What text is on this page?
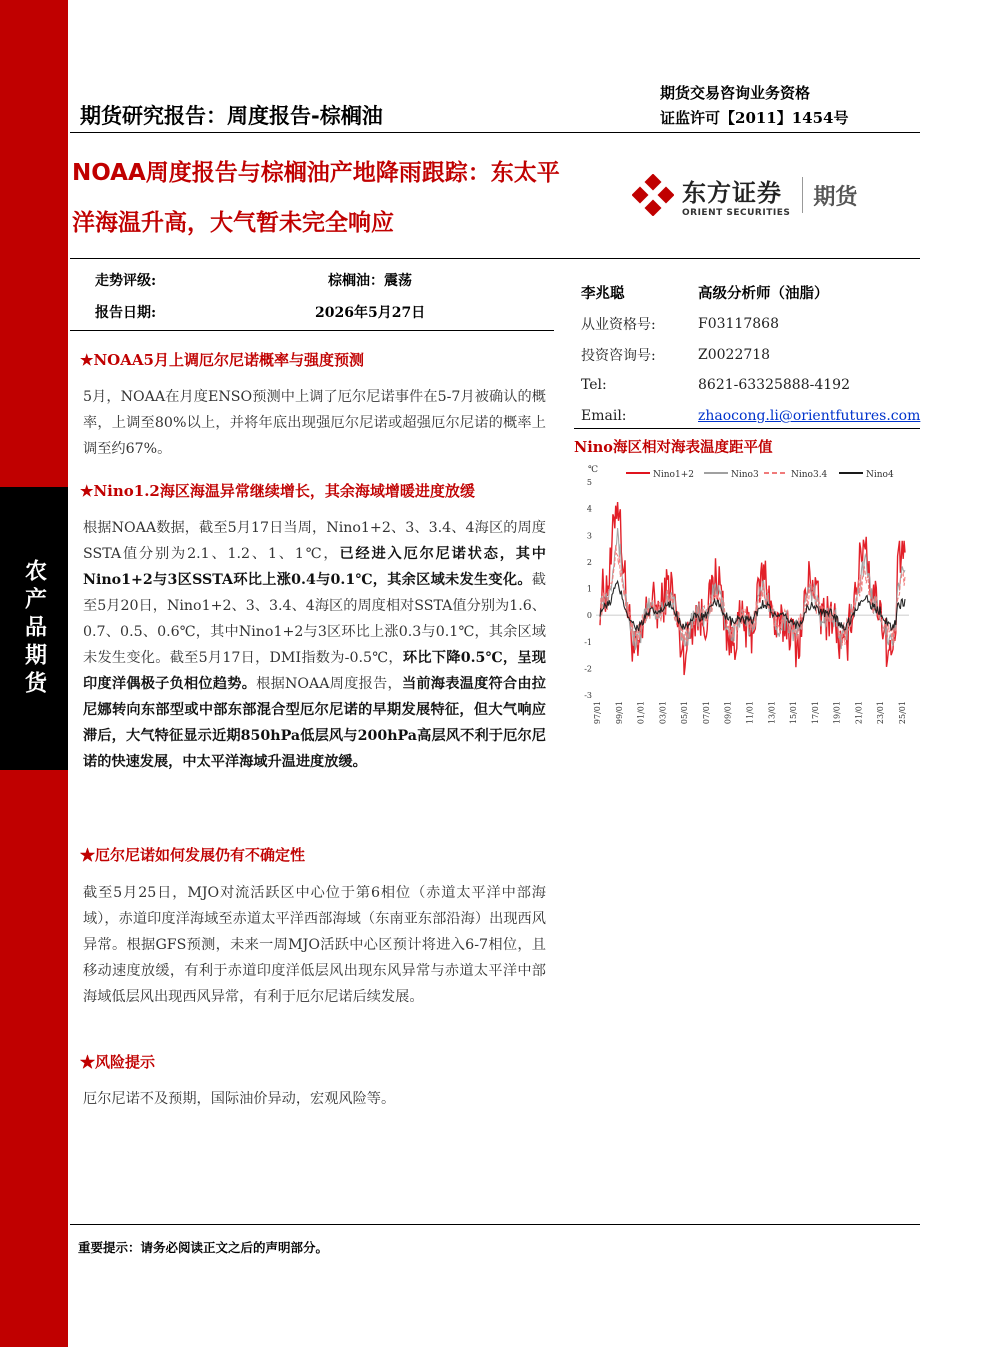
农产品期货
期货研究报告：周度报告-棕榈油
期货交易咨询业务资格
证监许可【2011】1454号
NOAA周度报告与棕榈油产地降雨跟踪：东太平洋海温升高，大气暂未完全响应
东方证券
ORIENT SECURITIES
期货
走势评级:	棕榈油：震荡
报告日期:	2026年5月27日
李兆聪	高级分析师（油脂）
从业资格号:	F03117868
投资咨询号:	Z0022718
Tel:	8621-63325888-4192
Email:	zhaocong.li@orientfutures.com
★NOAA5月上调厄尔尼诺概率与强度预测
5月，NOAA在月度ENSO预测中上调了厄尔尼诺事件在5-7月被确认的概率，上调至80%以上，并将年底出现强厄尔尼诺或超强厄尔尼诺的概率上调至约67%。
★Nino1.2海区海温异常继续增长，其余海域增暖进度放缓
根据NOAA数据，截至5月17日当周，Nino1+2、3、3.4、4海区的周度SSTA值分别为2.1、1.2、1、1℃，已经进入厄尔尼诺状态，其中Nino1+2与3区SSTA环比上涨0.4与0.1℃，其余区域未发生变化。截至5月20日，Nino1+2、3、3.4、4海区的周度相对SSTA值分别为1.6、0.7、0.5、0.6℃，其中Nino1+2与3区环比上涨0.3与0.1℃，其余区域未发生变化。截至5月17日，DMI指数为-0.5℃，环比下降0.5℃，呈现印度洋偶极子负相位趋势。根据NOAA周度报告，当前海表温度符合由拉尼娜转向东部型或中部东部混合型厄尔尼诺的早期发展特征，但大气响应滞后，大气特征显示近期850hPa低层风与200hPa高层风不利于厄尔尼诺的快速发展，中太平洋海域升温进度放缓。
★厄尔尼诺如何发展仍有不确定性
截至5月25日，MJO对流活跃区中心位于第6相位（赤道太平洋中部海域），赤道印度洋海域至赤道太平洋西部海域（东南亚东部沿海）出现西风异常。根据GFS预测，未来一周MJO活跃中心区预计将进入6-7相位，且移动速度放缓，有利于赤道印度洋低层风出现东风异常与赤道太平洋中部海域低层风出现西风异常，有利于厄尔尼诺后续发展。
★风险提示
厄尔尼诺不及预期，国际油价异动，宏观风险等。
Nino海区相对海表温度距平值
Nino1+2	Nino3	Nino3.4	Nino4
℃
-3
-2
-1
0
1
2
3
4
5
97/01 99/01 01/01 03/01 05/01 07/01 09/01 11/01 13/01 15/01 17/01 19/01 21/01 23/01 25/01
重要提示：请务必阅读正文之后的声明部分。
